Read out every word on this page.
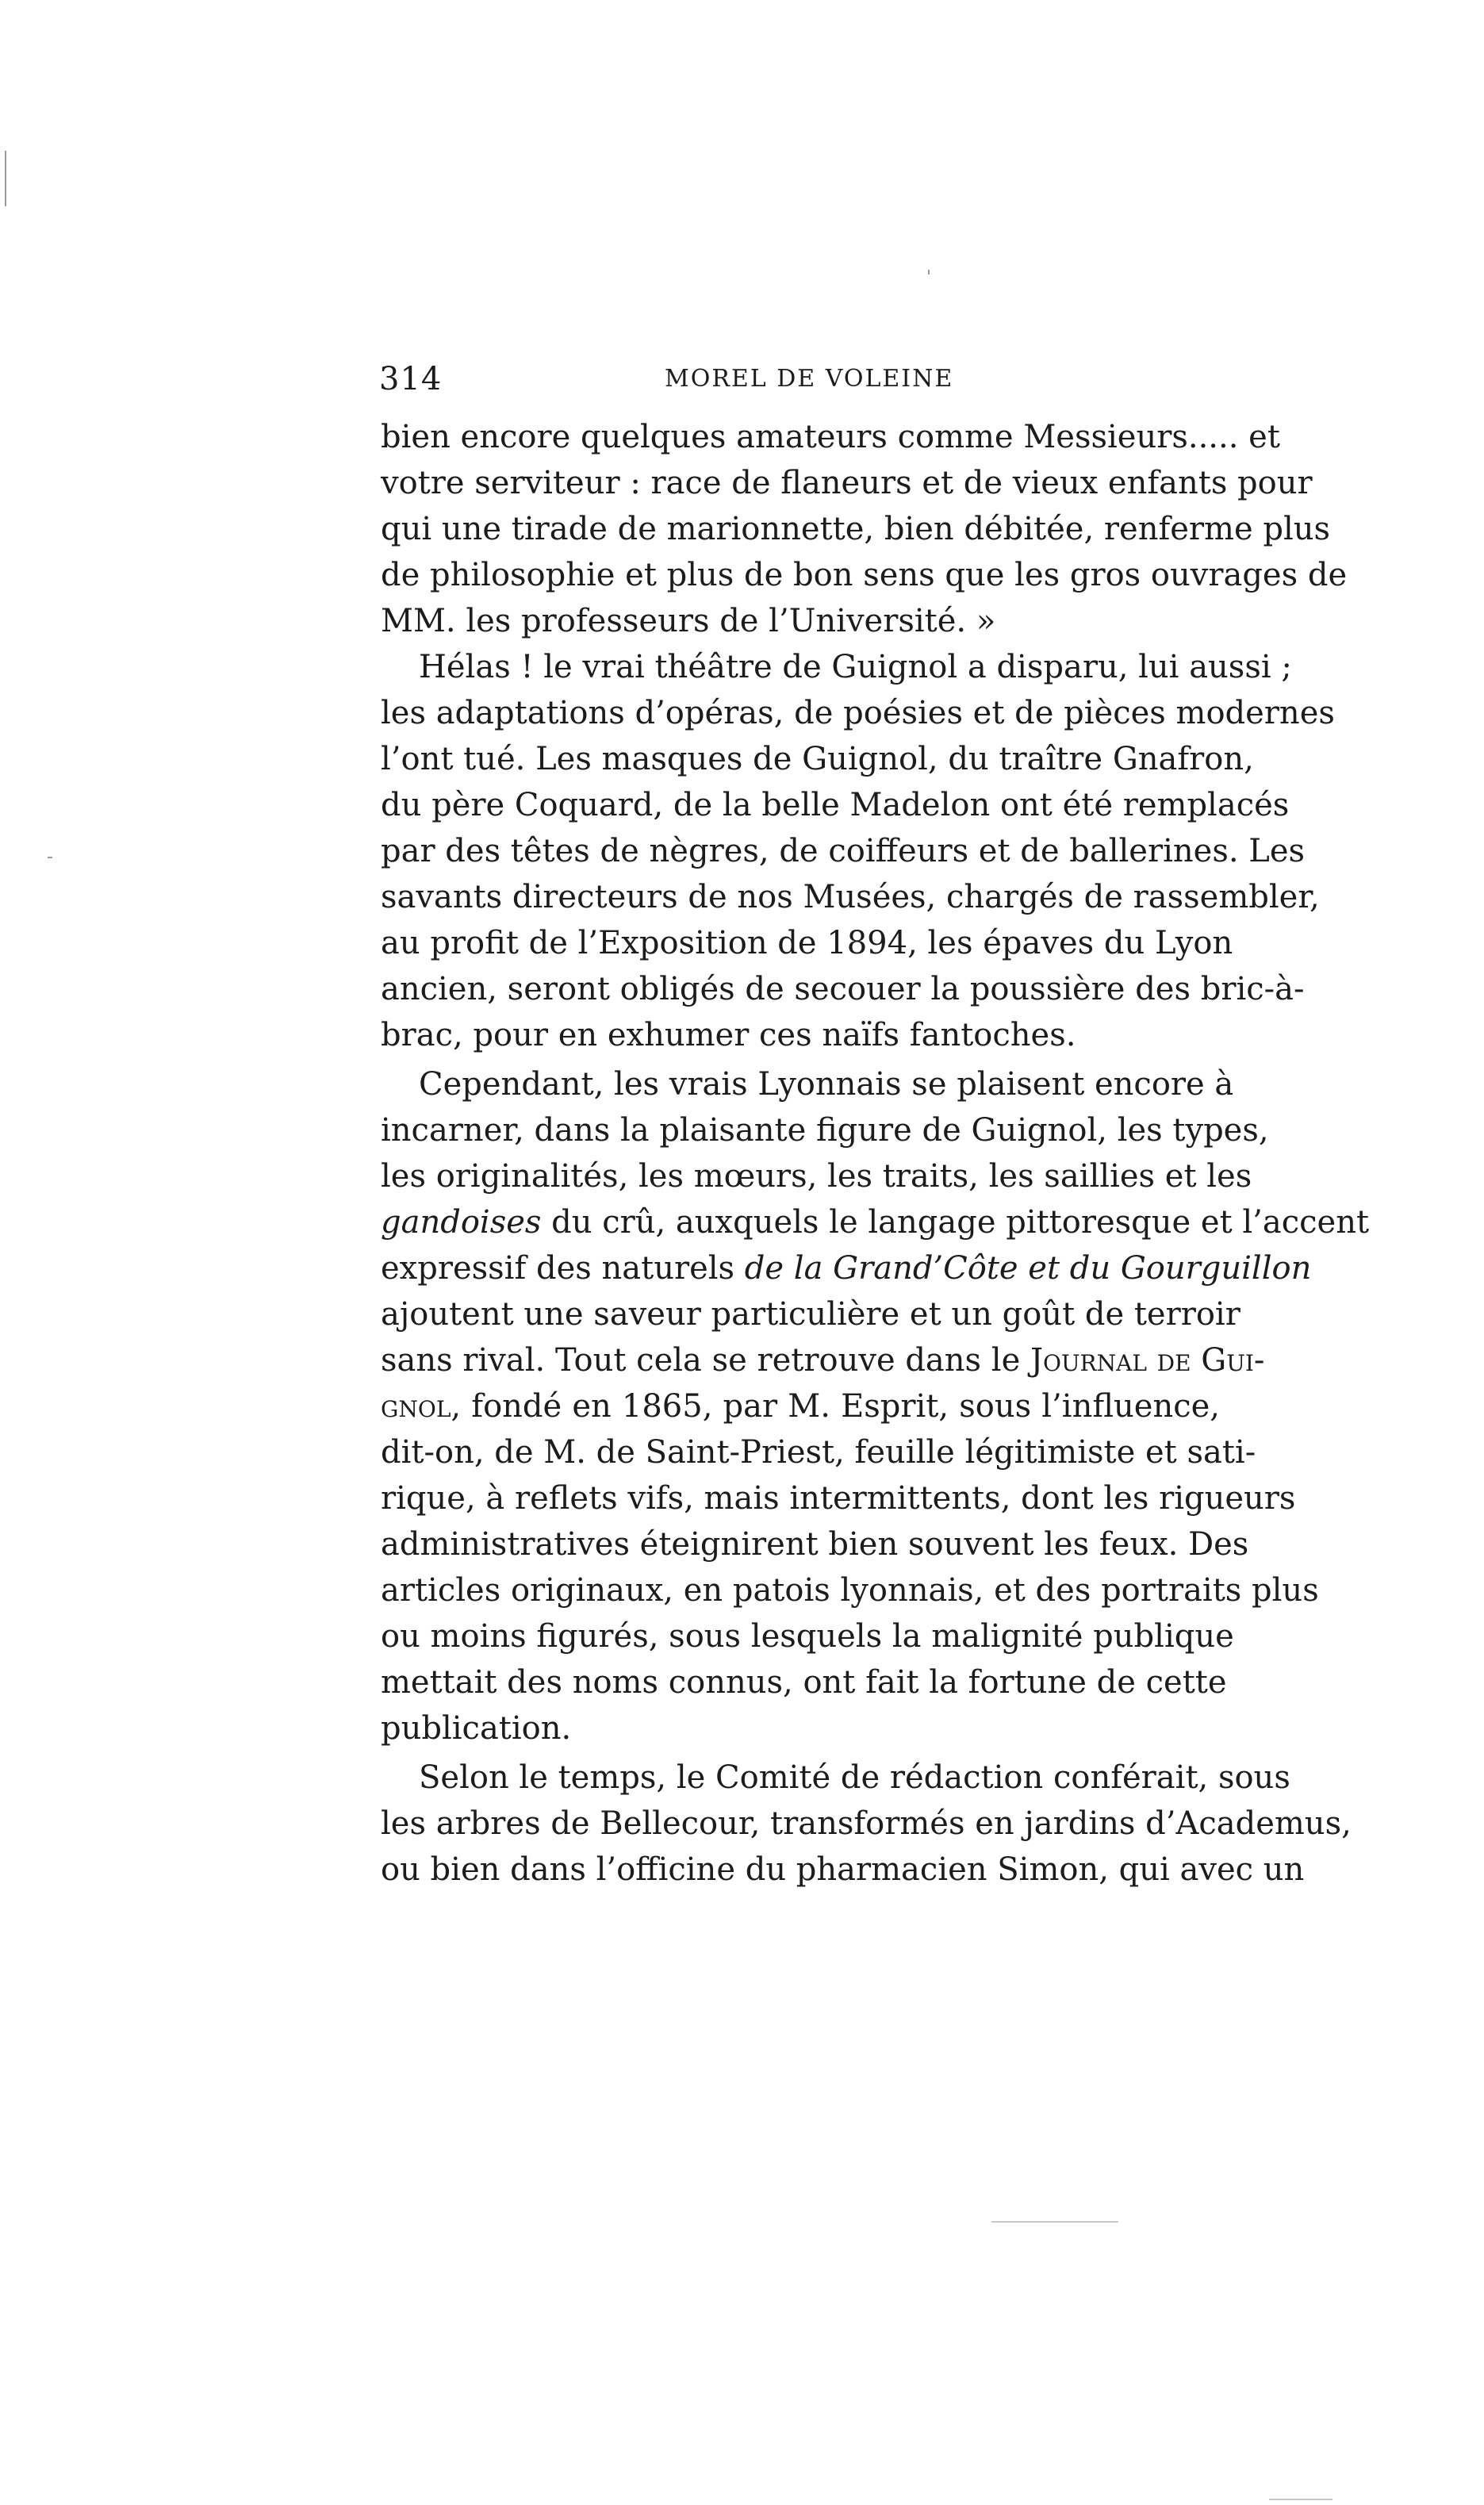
314	MOREL DE VOLEINE
bien encore quelques amateurs comme Messieurs..... et
votre serviteur : race de flaneurs et de vieux enfants pour
qui une tirade de marionnette, bien débitée, renferme plus
de philosophie et plus de bon sens que les gros ouvrages de
MM. les professeurs de l’Université. »
Hélas ! le vrai théâtre de Guignol a disparu, lui aussi ;
les adaptations d’opéras, de poésies et de pièces modernes
l’ont tué. Les masques de Guignol, du traître Gnafron,
du père Coquard, de la belle Madelon ont été remplacés
par des têtes de nègres, de coiffeurs et de ballerines. Les
savants directeurs de nos Musées, chargés de rassembler,
au profit de l’Exposition de 1894, les épaves du Lyon
ancien, seront obligés de secouer la poussière des bric-à-
brac, pour en exhumer ces naïfs fantoches.
Cependant, les vrais Lyonnais se plaisent encore à
incarner, dans la plaisante figure de Guignol, les types,
les originalités, les mœurs, les traits, les saillies et les
gandoises du crû, auxquels le langage pittoresque et l’accent
expressif des naturels de la Grand’Côte et du Gourguillon
ajoutent une saveur particulière et un goût de terroir
sans rival. Tout cela se retrouve dans le Journal de Gui-
gnol, fondé en 1865, par M. Esprit, sous l’influence,
dit-on, de M. de Saint-Priest, feuille légitimiste et sati-
rique, à reflets vifs, mais intermittents, dont les rigueurs
administratives éteignirent bien souvent les feux. Des
articles originaux, en patois lyonnais, et des portraits plus
ou moins figurés, sous lesquels la malignité publique
mettait des noms connus, ont fait la fortune de cette
publication.
Selon le temps, le Comité de rédaction conférait, sous
les arbres de Bellecour, transformés en jardins d’Academus,
ou bien dans l’officine du pharmacien Simon, qui avec un
